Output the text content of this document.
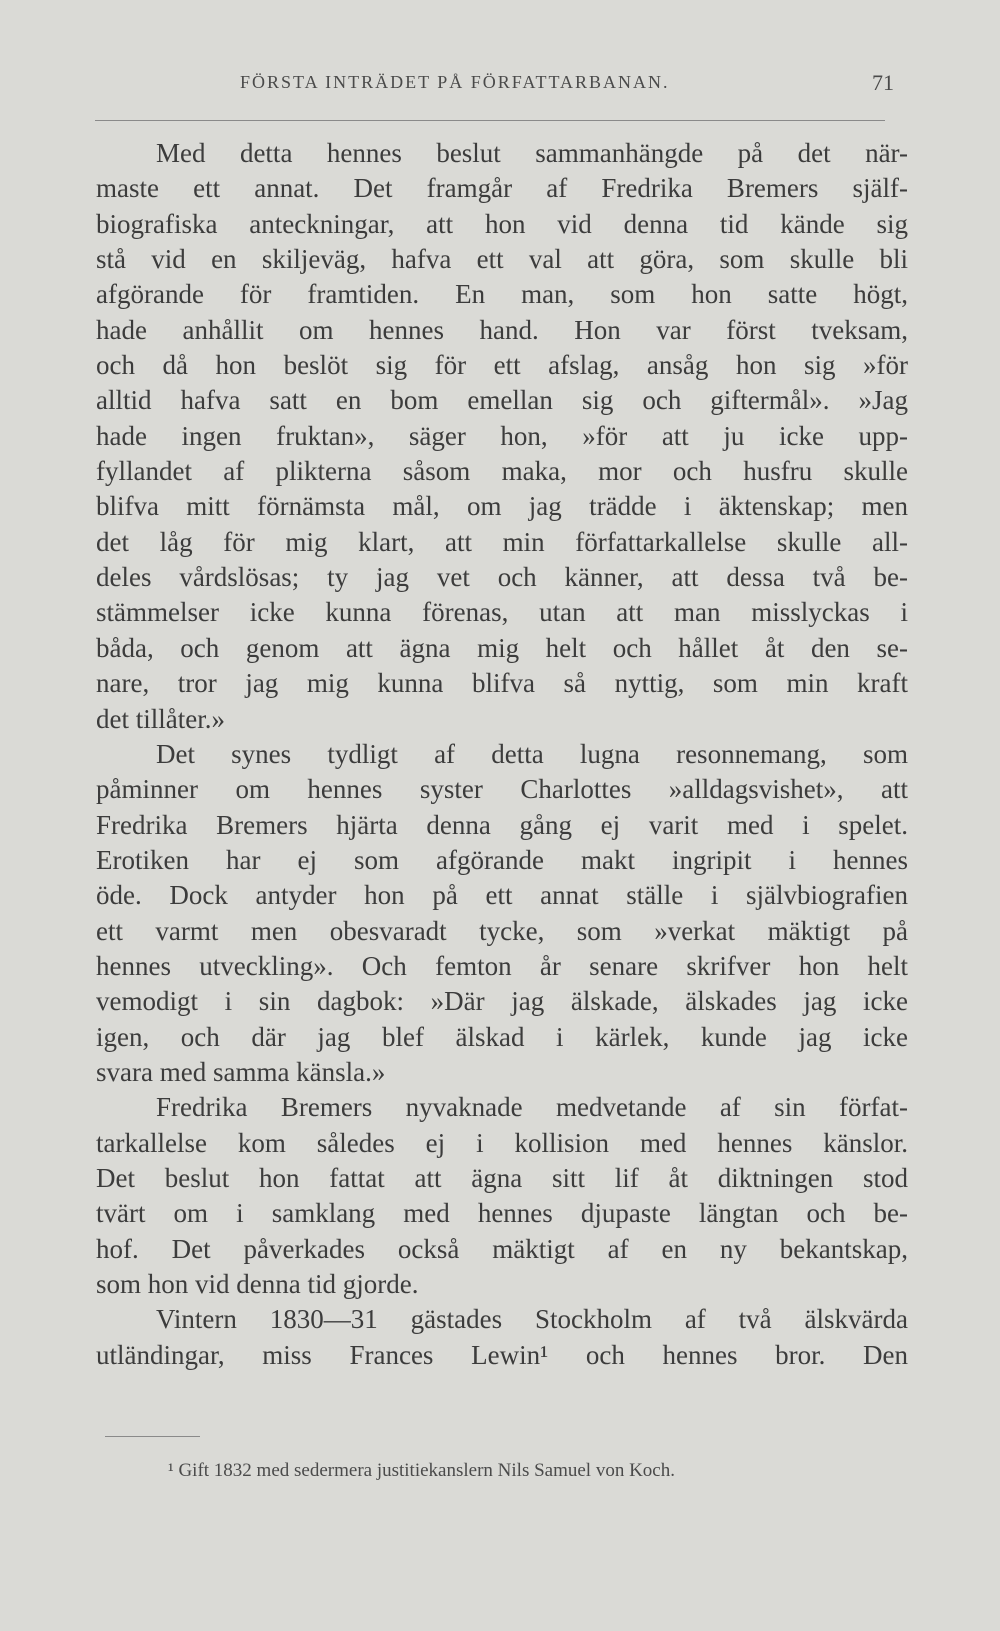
FÖRSTA INTRÄDET PÅ FÖRFATTARBANAN.	71
Med detta hennes beslut sammanhängde på det när-
maste ett annat. Det framgår af Fredrika Bremers själf-
biografiska anteckningar, att hon vid denna tid kände sig
stå vid en skiljeväg, hafva ett val att göra, som skulle bli
afgörande för framtiden. En man, som hon satte högt,
hade anhållit om hennes hand. Hon var först tveksam,
och då hon beslöt sig för ett afslag, ansåg hon sig »för
alltid hafva satt en bom emellan sig och giftermål». »Jag
hade ingen fruktan», säger hon, »för att ju icke upp-
fyllandet af plikterna såsom maka, mor och husfru skulle
blifva mitt förnämsta mål, om jag trädde i äktenskap; men
det låg för mig klart, att min författarkallelse skulle all-
deles vårdslösas; ty jag vet och känner, att dessa två be-
stämmelser icke kunna förenas, utan att man misslyckas i
båda, och genom att ägna mig helt och hållet åt den se-
nare, tror jag mig kunna blifva så nyttig, som min kraft
det tillåter.»
Det synes tydligt af detta lugna resonnemang, som
påminner om hennes syster Charlottes »alldagsvishet», att
Fredrika Bremers hjärta denna gång ej varit med i spelet.
Erotiken har ej som afgörande makt ingripit i hennes
öde. Dock antyder hon på ett annat ställe i självbiografien
ett varmt men obesvaradt tycke, som »verkat mäktigt på
hennes utveckling». Och femton år senare skrifver hon helt
vemodigt i sin dagbok: »Där jag älskade, älskades jag icke
igen, och där jag blef älskad i kärlek, kunde jag icke
svara med samma känsla.»
Fredrika Bremers nyvaknade medvetande af sin förfat-
tarkallelse kom således ej i kollision med hennes känslor.
Det beslut hon fattat att ägna sitt lif åt diktningen stod
tvärt om i samklang med hennes djupaste längtan och be-
hof. Det påverkades också mäktigt af en ny bekantskap,
som hon vid denna tid gjorde.
Vintern 1830—31 gästades Stockholm af två älskvärda
utländingar, miss Frances Lewin¹ och hennes bror. Den
¹ Gift 1832 med sedermera justitiekanslern Nils Samuel von Koch.
